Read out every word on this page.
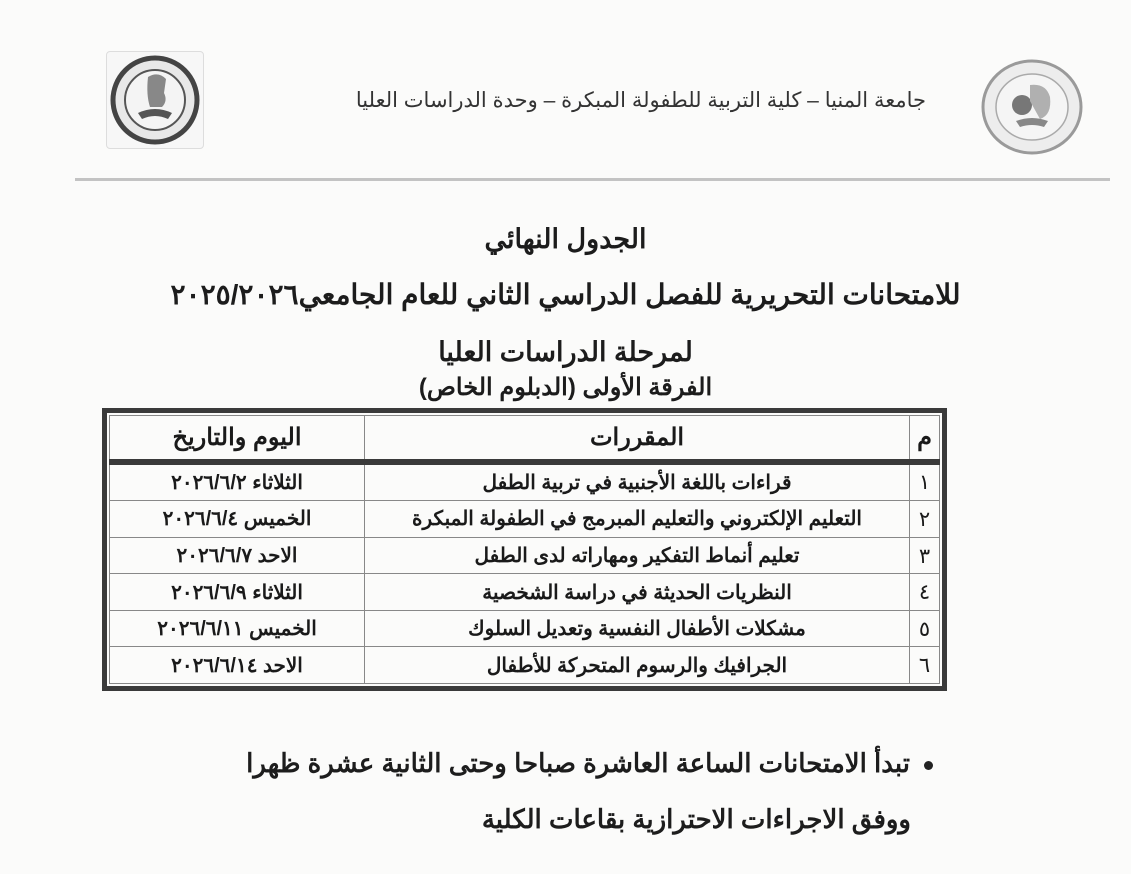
جامعة المنيا – كلية التربية للطفولة المبكرة – وحدة الدراسات العليا
الجدول النهائي
للامتحانات التحريرية للفصل الدراسي الثاني للعام الجامعي٢٠٢٥/٢٠٢٦
لمرحلة الدراسات العليا
الفرقة الأولى (الدبلوم الخاص)
م	المقررات	اليوم والتاريخ
١	قراءات باللغة الأجنبية في تربية الطفل	الثلاثاء ٢٠٢٦/٦/٢
٢	التعليم الإلكتروني والتعليم المبرمج في الطفولة المبكرة	الخميس ٢٠٢٦/٦/٤
٣	تعليم أنماط التفكير ومهاراته لدى الطفل	الاحد ٢٠٢٦/٦/٧
٤	النظريات الحديثة في دراسة الشخصية	الثلاثاء ٢٠٢٦/٦/٩
٥	مشكلات الأطفال النفسية وتعديل السلوك	الخميس ٢٠٢٦/٦/١١
٦	الجرافيك والرسوم المتحركة للأطفال	الاحد ٢٠٢٦/٦/١٤
تبدأ الامتحانات الساعة العاشرة صباحا وحتى الثانية عشرة ظهرا
ووفق الاجراءات الاحترازية بقاعات الكلية
